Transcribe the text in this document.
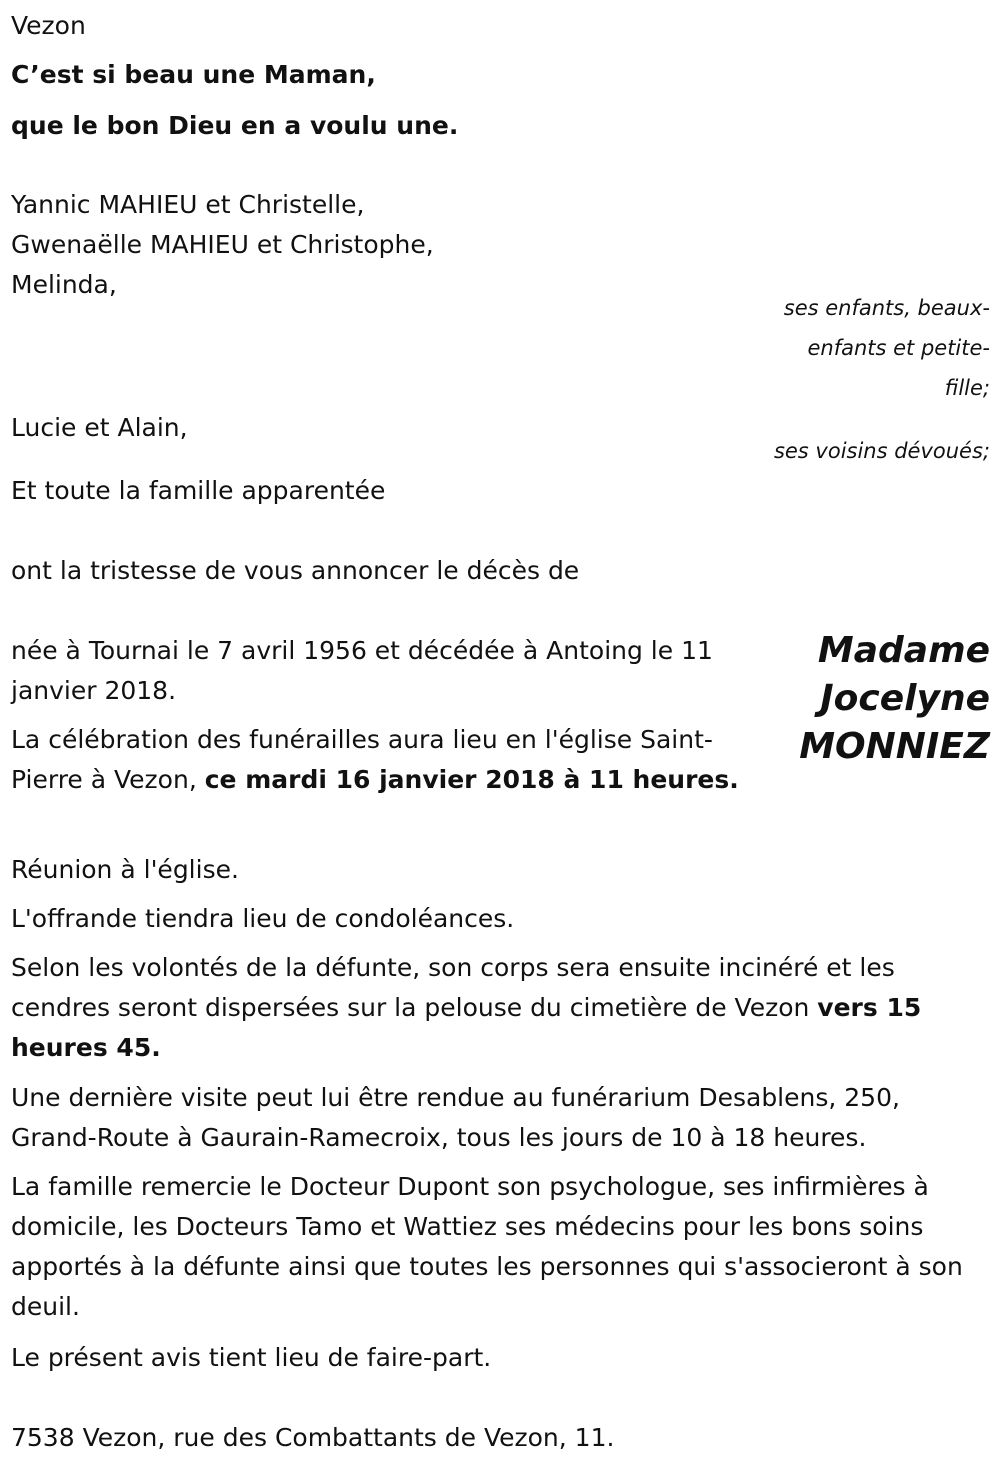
Vezon

C’est si beau une Maman,

que le bon Dieu en a voulu une.

Yannic MAHIEU et Christelle,

Gwenaëlle MAHIEU et Christophe,

Melinda,

ses enfants, beaux-

enfants et petite-

fille;

Lucie et Alain,

ses voisins dévoués;

Et toute la famille apparentée

ont la tristesse de vous annoncer le décès de

Madame
Jocelyne
MONNIEZ

née à Tournai le 7 avril 1956 et décédée à Antoing le 11 janvier 2018.

La célébration des funérailles aura lieu en l'église Saint-Pierre à Vezon, ce mardi 16 janvier 2018 à 11 heures.

Réunion à l'église.

L'offrande tiendra lieu de condoléances.

Selon les volontés de la défunte, son corps sera ensuite incinéré et les cendres seront dispersées sur la pelouse du cimetière de Vezon vers 15 heures 45.

Une dernière visite peut lui être rendue au funérarium Desablens, 250, Grand-Route à Gaurain-Ramecroix, tous les jours de 10 à 18 heures.

La famille remercie le Docteur Dupont son psychologue, ses infirmières à domicile, les Docteurs Tamo et Wattiez ses médecins pour les bons soins apportés à la défunte ainsi que toutes les personnes qui s'associeront à son deuil.

Le présent avis tient lieu de faire-part.

7538 Vezon, rue des Combattants de Vezon, 11.
